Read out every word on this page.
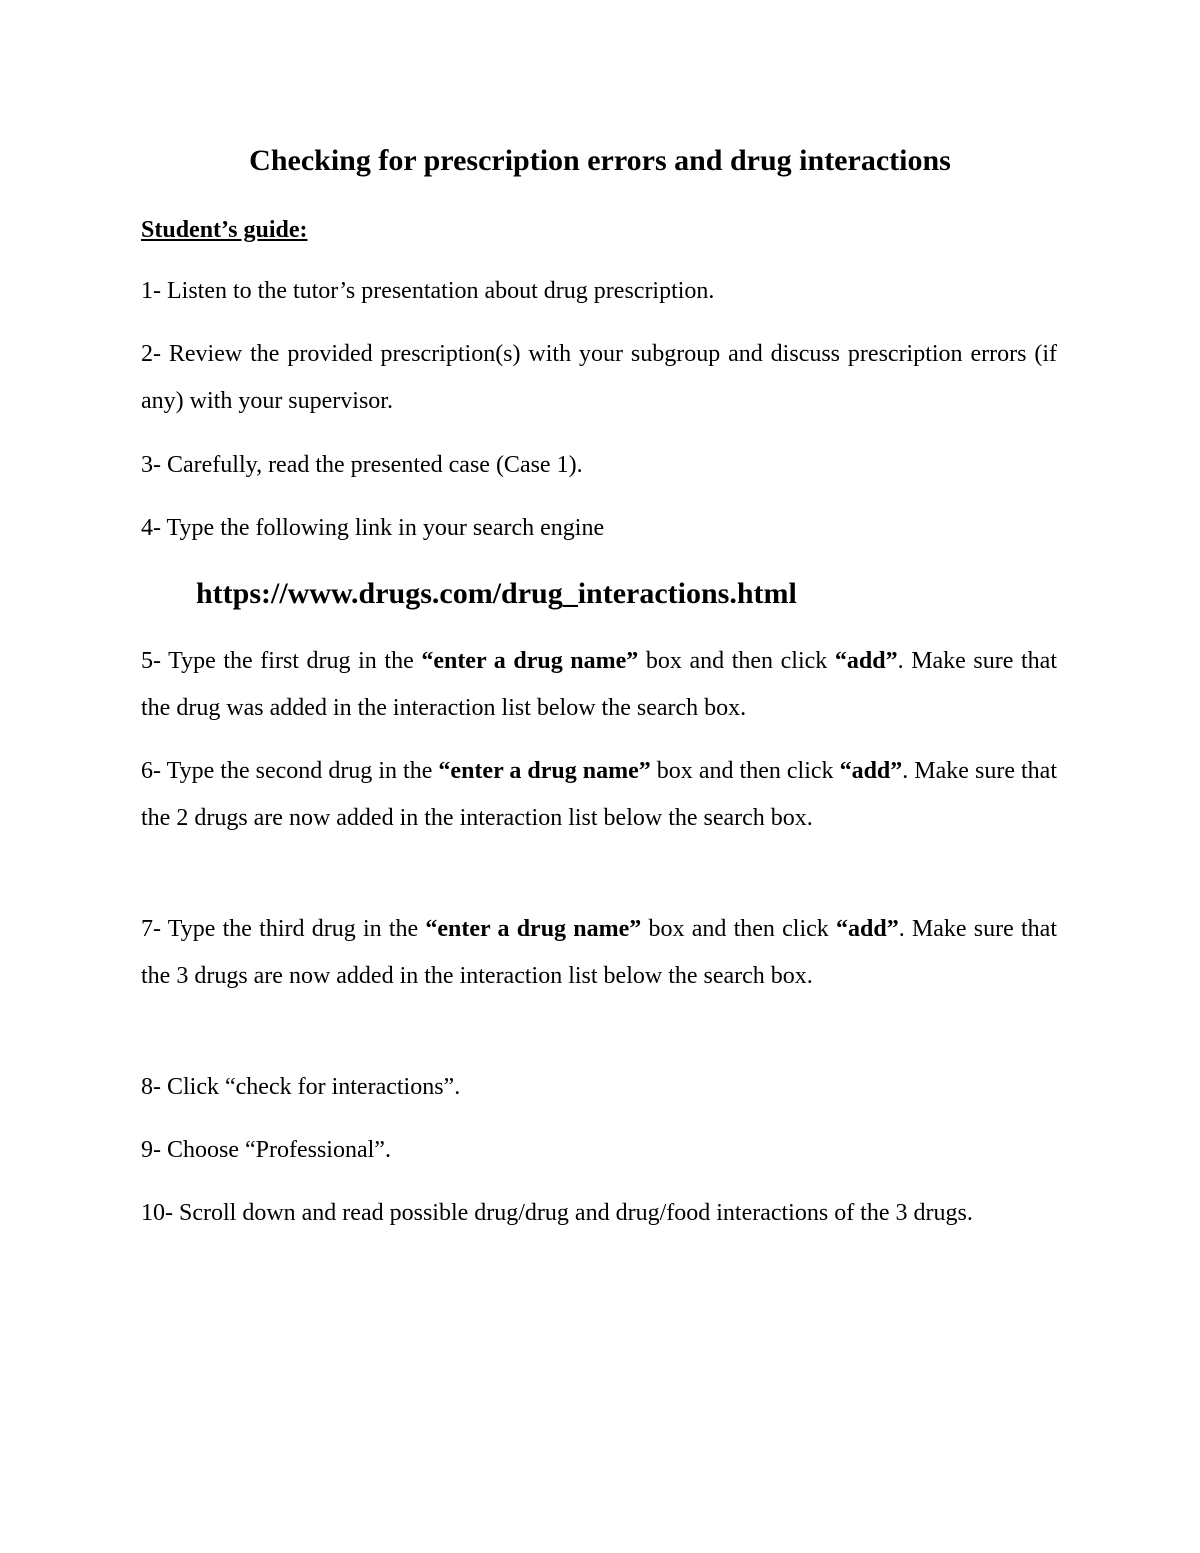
Checking for prescription errors and drug interactions

Student’s guide:

1- Listen to the tutor’s presentation about drug prescription.

2- Review the provided prescription(s) with your subgroup and discuss prescription errors (if any) with your supervisor.

3- Carefully, read the presented case (Case 1).

4- Type the following link in your search engine

https://www.drugs.com/drug_interactions.html

5- Type the first drug in the “enter a drug name” box and then click “add”. Make sure that the drug was added in the interaction list below the search box.

6- Type the second drug in the “enter a drug name” box and then click “add”. Make sure that the 2 drugs are now added in the interaction list below the search box.

7- Type the third drug in the “enter a drug name” box and then click “add”. Make sure that the 3 drugs are now added in the interaction list below the search box.

8- Click “check for interactions”.

9- Choose “Professional”.

10- Scroll down and read possible drug/drug and drug/food interactions of the 3 drugs.
